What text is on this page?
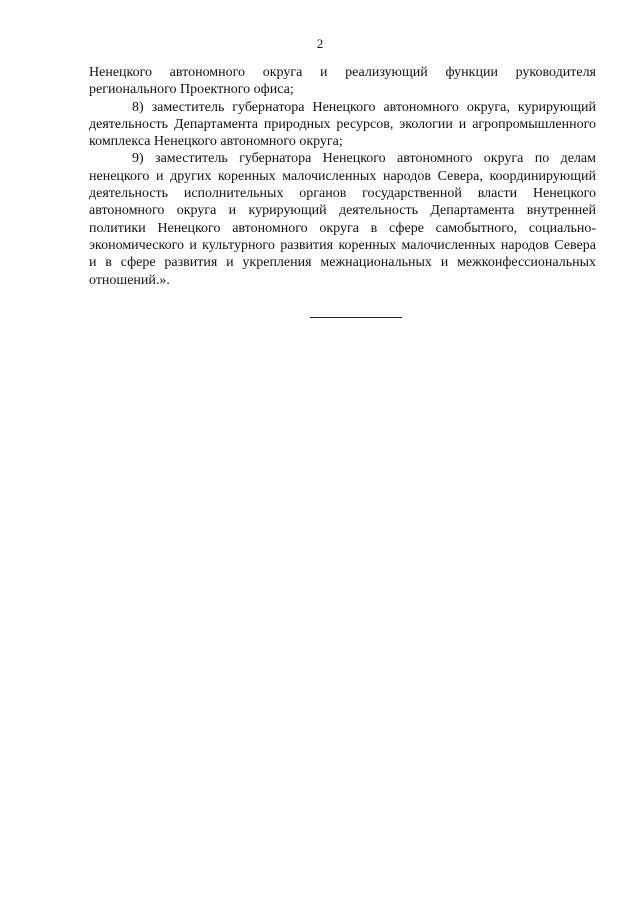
2
Ненецкого автономного округа и реализующий функции руководителя
регионального Проектного офиса;
8) заместитель губернатора Ненецкого автономного округа, курирующий
деятельность Департамента природных ресурсов, экологии и агропромышленного
комплекса Ненецкого автономного округа;
9) заместитель губернатора Ненецкого автономного округа по делам
ненецкого и других коренных малочисленных народов Севера, координирующий
деятельность исполнительных органов государственной власти Ненецкого
автономного округа и курирующий деятельность Департамента внутренней
политики Ненецкого автономного округа в сфере самобытного, социально-
экономического и культурного развития коренных малочисленных народов Севера
и в сфере развития и укрепления межнациональных и межконфессиональных
отношений.».
